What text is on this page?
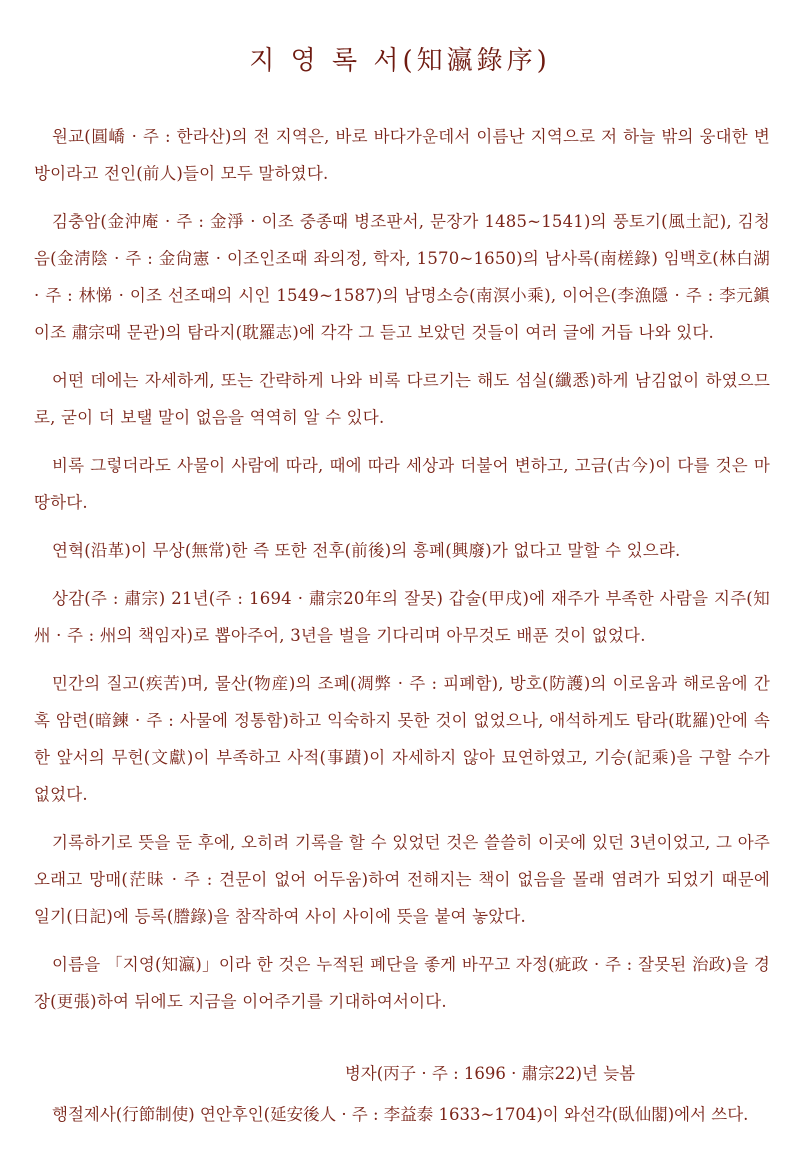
지 영 록 서(知瀛錄序)

원교(圓嶠 · 주 : 한라산)의 전 지역은, 바로 바다가운데서 이름난 지역으로 저 하늘 밖의 웅대한 변방이라고 전인(前人)들이 모두 말하였다.

김충암(金沖庵 · 주 : 金淨 · 이조 중종때 병조판서, 문장가 1485~1541)의 풍토기(風土記), 김청음(金淸陰 · 주 : 金尙憲 · 이조인조때 좌의정, 학자, 1570~1650)의 남사록(南槎錄) 임백호(林白湖 · 주 : 林悌 · 이조 선조때의 시인 1549~1587)의 남명소승(南溟小乘), 이어은(李漁隱 · 주 : 李元鎭 이조 肅宗때 문관)의 탐라지(耽羅志)에 각각 그 듣고 보았던 것들이 여러 글에 거듭 나와 있다.

어떤 데에는 자세하게, 또는 간략하게 나와 비록 다르기는 해도 섬실(纖悉)하게 남김없이 하였으므로, 굳이 더 보탤 말이 없음을 역역히 알 수 있다.

비록 그렇더라도 사물이 사람에 따라, 때에 따라 세상과 더불어 변하고, 고금(古今)이 다를 것은 마땅하다.

연혁(沿革)이 무상(無常)한 즉 또한 전후(前後)의 흥폐(興廢)가 없다고 말할 수 있으랴.

상감(주 : 肅宗) 21년(주 : 1694 · 肅宗20年의 잘못) 갑술(甲戌)에 재주가 부족한 사람을 지주(知州 · 주 : 州의 책임자)로 뽑아주어, 3년을 벌을 기다리며 아무것도 배푼 것이 없었다.

민간의 질고(疾苦)며, 물산(物産)의 조폐(凋弊 · 주 : 피폐함), 방호(防護)의 이로움과 해로움에 간혹 암련(暗鍊 · 주 : 사물에 정통함)하고 익숙하지 못한 것이 없었으나, 애석하게도 탐라(耽羅)안에 속한 앞서의 무헌(文獻)이 부족하고 사적(事蹟)이 자세하지 않아 묘연하였고, 기승(記乘)을 구할 수가 없었다.

기록하기로 뜻을 둔 후에, 오히려 기록을 할 수 있었던 것은 쓸쓸히 이곳에 있던 3년이었고, 그 아주 오래고 망매(茫昧 · 주 : 견문이 없어 어두움)하여 전해지는 책이 없음을 몰래 염려가 되었기 때문에 일기(日記)에 등록(謄錄)을 참작하여 사이 사이에 뜻을 붙여 놓았다.

이름을 「지영(知瀛)」이라 한 것은 누적된 폐단을 좋게 바꾸고 자정(疵政 · 주 : 잘못된 治政)을 경장(更張)하여 뒤에도 지금을 이어주기를 기대하여서이다.

병자(丙子 · 주 : 1696 · 肅宗22)년 늦봄
행절제사(行節制使) 연안후인(延安後人 · 주 : 李益泰 1633~1704)이 와선각(臥仙閣)에서 쓰다.
